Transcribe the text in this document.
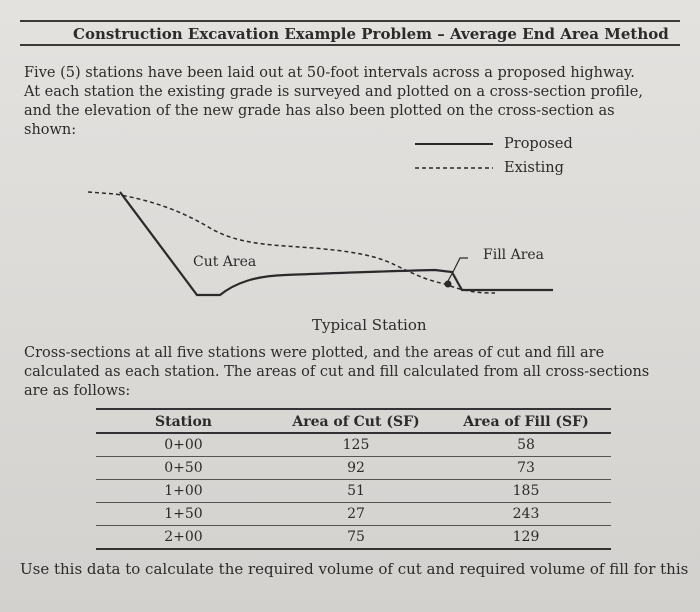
Construction Excavation Example Problem – Average End Area Method
Five (5) stations have been laid out at 50-foot intervals across a proposed highway. At each station the existing grade is surveyed and plotted on a cross-section profile, and the elevation of the new grade has also been plotted on the cross-section as shown:
Proposed
Existing
Cut Area	Fill Area
Typical Station
Cross-sections at all five stations were plotted, and the areas of cut and fill are calculated as each station. The areas of cut and fill calculated from all cross-sections are as follows:
Station	Area of Cut (SF)	Area of Fill (SF)
0+00	125	58
0+50	92	73
1+00	51	185
1+50	27	243
2+00	75	129
Use this data to calculate the required volume of cut and required volume of fill for this
